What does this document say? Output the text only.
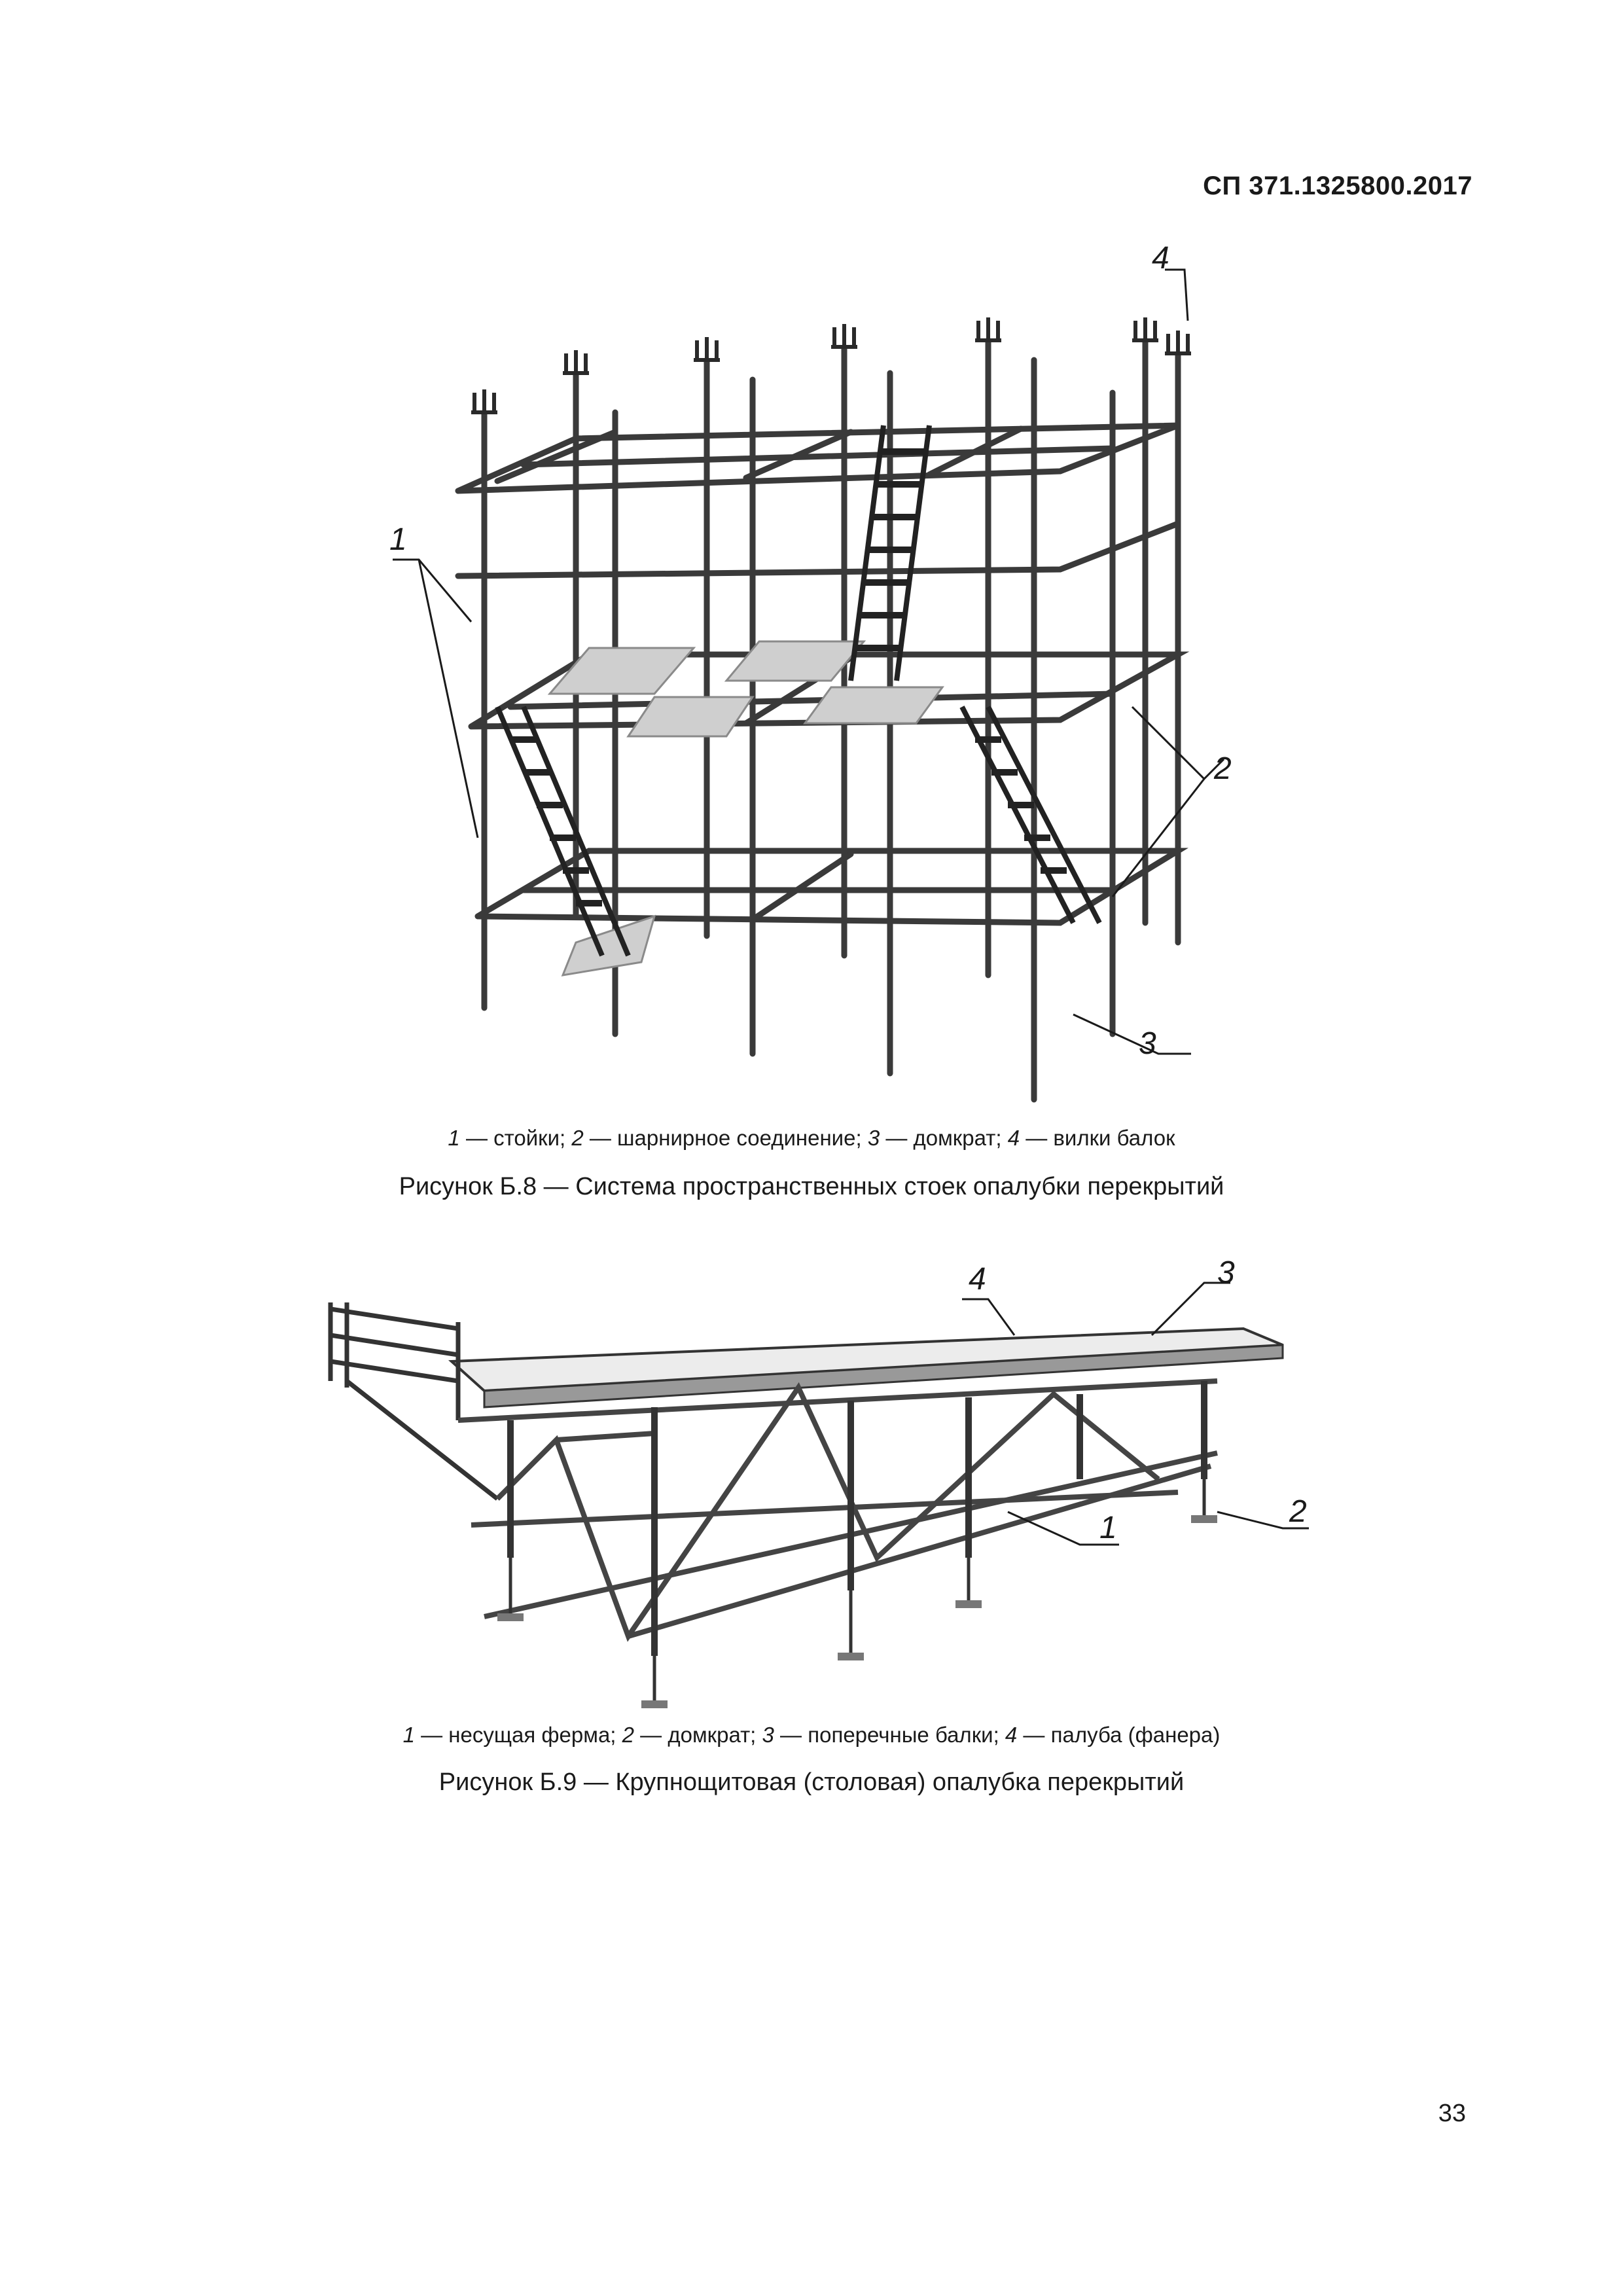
СП 371.1325800.2017
1
2
3
4
1 — стойки; 2 — шарнирное соединение; 3 — домкрат; 4 — вилки балок
Рисунок Б.8 — Система пространственных стоек опалубки перекрытий
4	3
1	2
1 — несущая ферма; 2 — домкрат; 3 — поперечные балки; 4 — палуба (фанера)
Рисунок Б.9 — Крупнощитовая (столовая) опалубка перекрытий
33
